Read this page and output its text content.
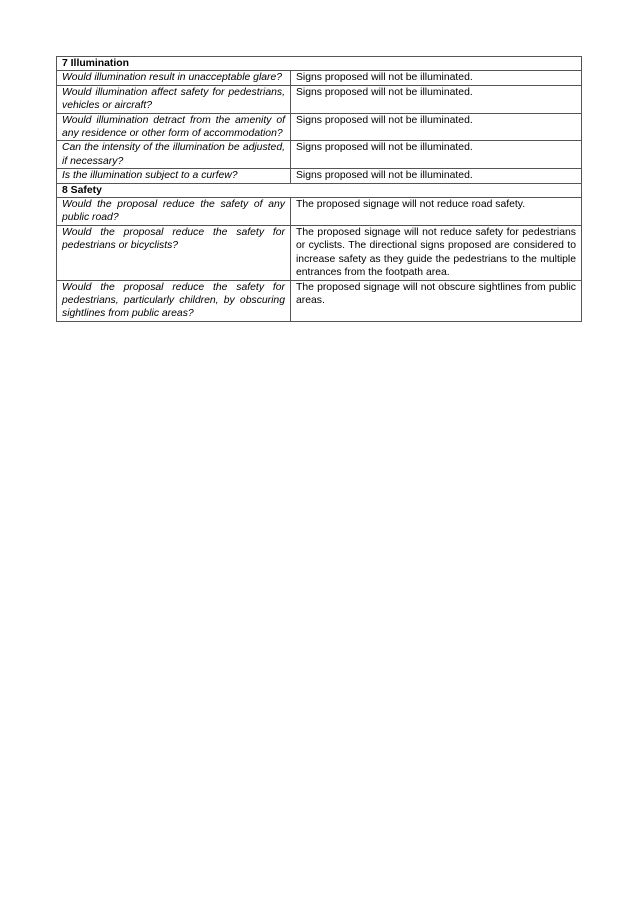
7 Illumination	
Would illumination result in unacceptable glare?	Signs proposed will not be illuminated.
Would illumination affect safety for pedestrians, vehicles or aircraft?	Signs proposed will not be illuminated.
Would illumination detract from the amenity of any residence or other form of accommodation?	Signs proposed will not be illuminated.
Can the intensity of the illumination be adjusted, if necessary?	Signs proposed will not be illuminated.
Is the illumination subject to a curfew?	Signs proposed will not be illuminated.
8 Safety	
Would the proposal reduce the safety of any public road?	The proposed signage will not reduce road safety.
Would the proposal reduce the safety for pedestrians or bicyclists?	The proposed signage will not reduce safety for pedestrians or cyclists. The directional signs proposed are considered to increase safety as they guide the pedestrians to the multiple entrances from the footpath area.
Would the proposal reduce the safety for pedestrians, particularly children, by obscuring sightlines from public areas?	The proposed signage will not obscure sightlines from public areas.
